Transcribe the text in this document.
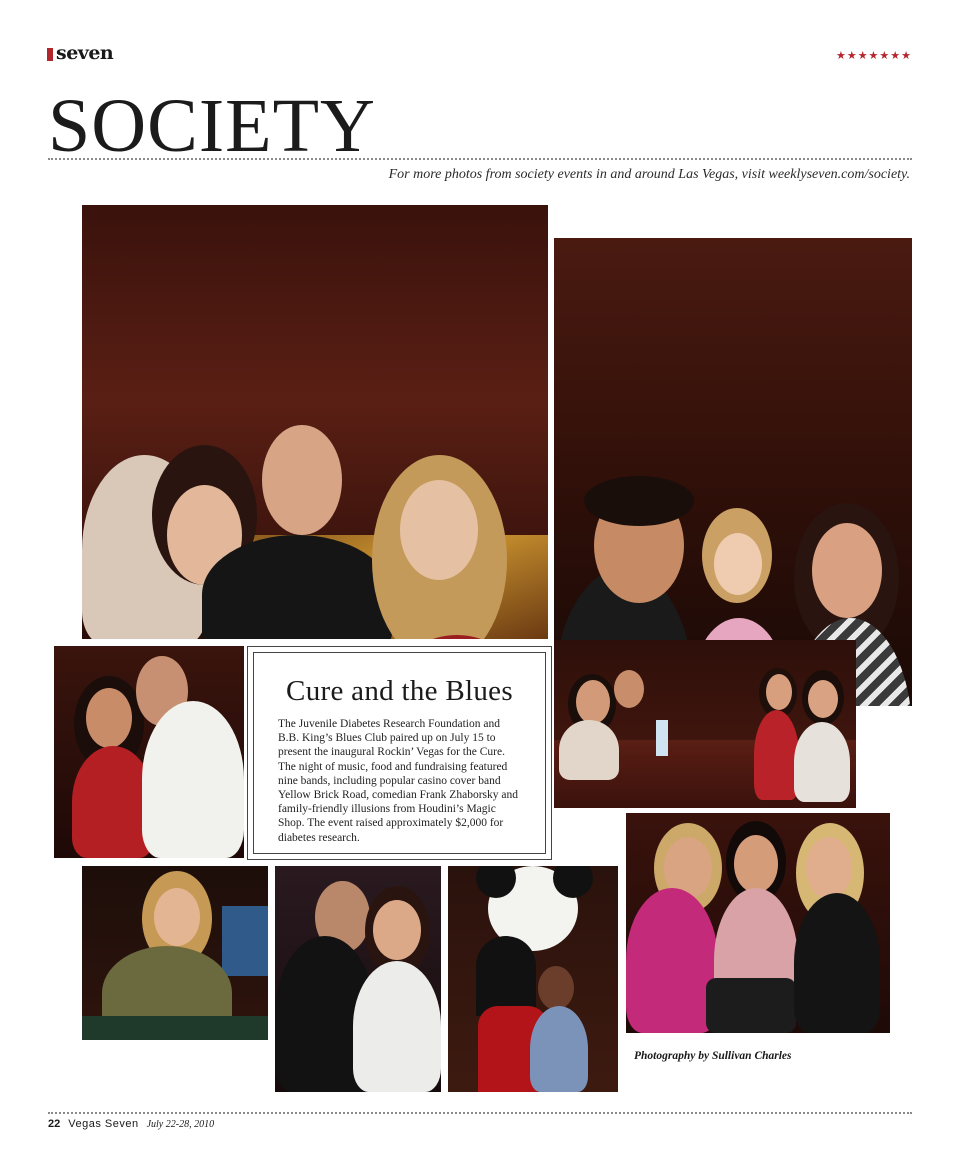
seven	★★★★★★★
SOCIETY
For more photos from society events in and around Las Vegas, visit weeklyseven.com/society.
Cure and the Blues
The Juvenile Diabetes Research Foundation and B.B. King’s Blues Club paired up on July 15 to present the inaugural Rockin’ Vegas for the Cure. The night of music, food and fundraising featured nine bands, including popular casino cover band Yellow Brick Road, comedian Frank Zhaborsky and family-friendly illusions from Houdini’s Magic Shop. The event raised approximately $2,000 for diabetes research.
Photography by Sullivan Charles
22 Vegas Seven July 22-28, 2010
